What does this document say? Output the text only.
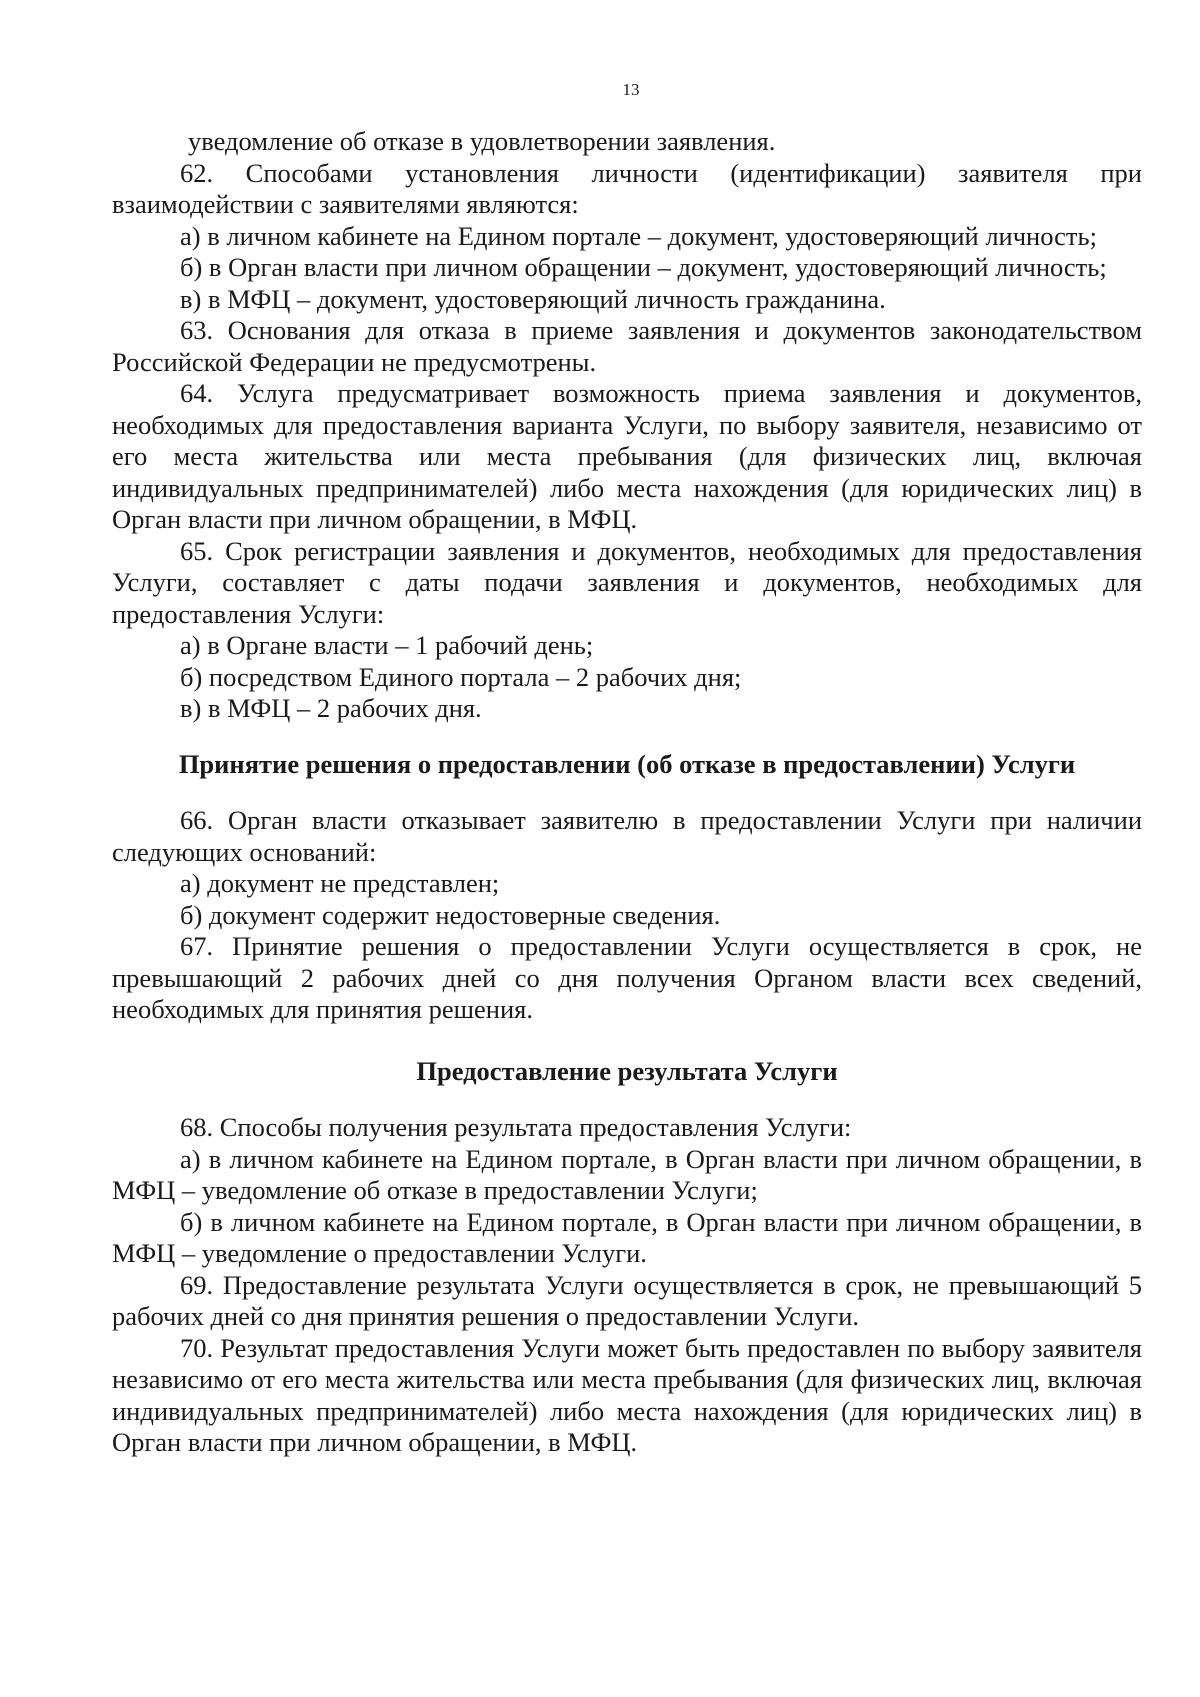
13

уведомление об отказе в удовлетворении заявления.

62. Способами установления личности (идентификации) заявителя при взаимодействии с заявителями являются:

а) в личном кабинете на Едином портале – документ, удостоверяющий личность;

б) в Орган власти при личном обращении – документ, удостоверяющий личность;

в) в МФЦ – документ, удостоверяющий личность гражданина.

63. Основания для отказа в приеме заявления и документов законодательством Российской Федерации не предусмотрены.

64. Услуга предусматривает возможность приема заявления и документов, необходимых для предоставления варианта Услуги, по выбору заявителя, независимо от его места жительства или места пребывания (для физических лиц, включая индивидуальных предпринимателей) либо места нахождения (для юридических лиц) в Орган власти при личном обращении, в МФЦ.

65. Срок регистрации заявления и документов, необходимых для предоставления Услуги, составляет с даты подачи заявления и документов, необходимых для предоставления Услуги:

а) в Органе власти – 1 рабочий день;

б) посредством Единого портала – 2 рабочих дня;

в) в МФЦ – 2 рабочих дня.

Принятие решения о предоставлении (об отказе в предоставлении) Услуги

66. Орган власти отказывает заявителю в предоставлении Услуги при наличии следующих оснований:

а) документ не представлен;

б) документ содержит недостоверные сведения.

67. Принятие решения о предоставлении Услуги осуществляется в срок, не превышающий 2 рабочих дней со дня получения Органом власти всех сведений, необходимых для принятия решения.

Предоставление результата Услуги

68. Способы получения результата предоставления Услуги:

а) в личном кабинете на Едином портале, в Орган власти при личном обращении, в МФЦ – уведомление об отказе в предоставлении Услуги;

б) в личном кабинете на Едином портале, в Орган власти при личном обращении, в МФЦ – уведомление о предоставлении Услуги.

69. Предоставление результата Услуги осуществляется в срок, не превышающий 5 рабочих дней со дня принятия решения о предоставлении Услуги.

70. Результат предоставления Услуги может быть предоставлен по выбору заявителя независимо от его места жительства или места пребывания (для физических лиц, включая индивидуальных предпринимателей) либо места нахождения (для юридических лиц) в Орган власти при личном обращении, в МФЦ.
